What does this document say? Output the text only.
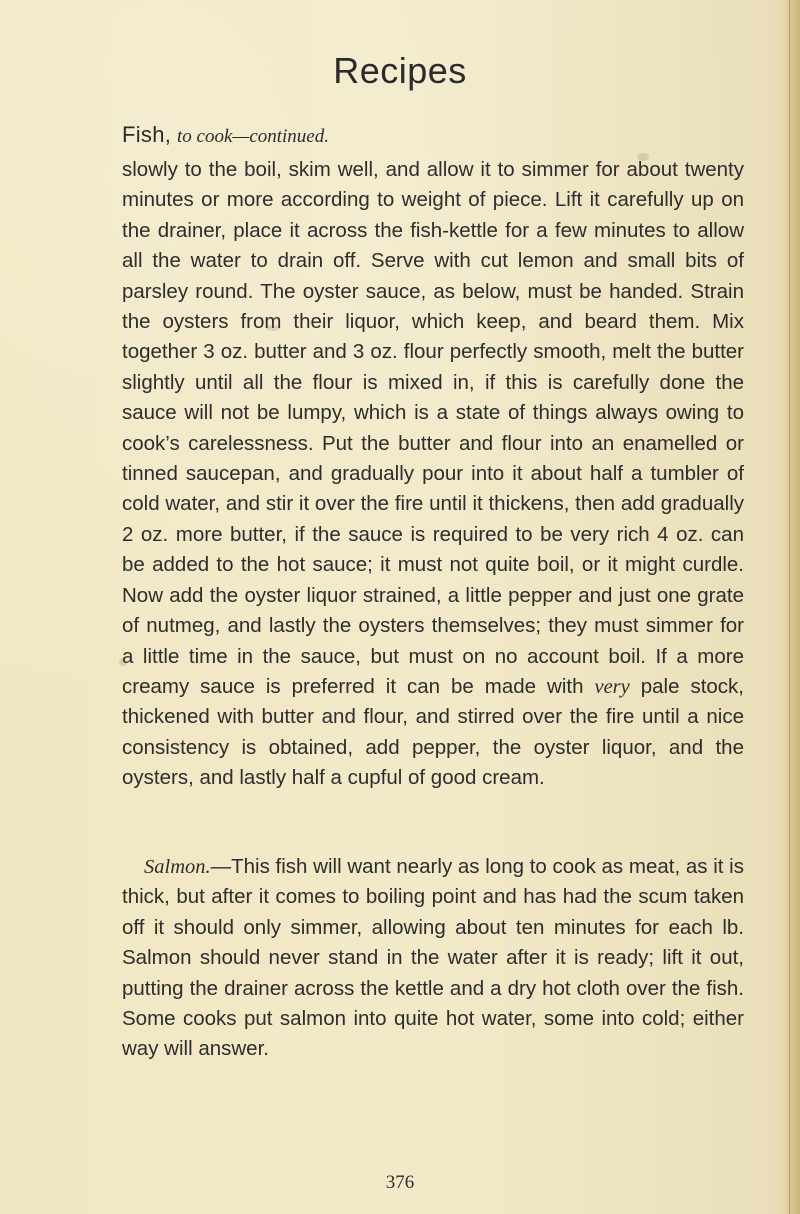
Recipes
Fish, to cook—continued.
slowly to the boil, skim well, and allow it to simmer for about twenty minutes or more according to weight of piece. Lift it carefully up on the drainer, place it across the fish-kettle for a few minutes to allow all the water to drain off. Serve with cut lemon and small bits of parsley round. The oyster sauce, as below, must be handed. Strain the oysters from their liquor, which keep, and beard them. Mix together 3 oz. butter and 3 oz. flour perfectly smooth, melt the butter slightly until all the flour is mixed in, if this is carefully done the sauce will not be lumpy, which is a state of things always owing to cook’s carelessness. Put the butter and flour into an enamelled or tinned saucepan, and gradually pour into it about half a tumbler of cold water, and stir it over the fire until it thickens, then add gradually 2 oz. more butter, if the sauce is required to be very rich 4 oz. can be added to the hot sauce; it must not quite boil, or it might curdle. Now add the oyster liquor strained, a little pepper and just one grate of nutmeg, and lastly the oysters themselves; they must simmer for a little time in the sauce, but must on no account boil. If a more creamy sauce is preferred it can be made with very pale stock, thickened with butter and flour, and stirred over the fire until a nice consistency is obtained, add pepper, the oyster liquor, and the oysters, and lastly half a cupful of good cream.
Salmon.—This fish will want nearly as long to cook as meat, as it is thick, but after it comes to boiling point and has had the scum taken off it should only simmer, allowing about ten minutes for each lb. Salmon should never stand in the water after it is ready; lift it out, putting the drainer across the kettle and a dry hot cloth over the fish. Some cooks put salmon into quite hot water, some into cold; either way will answer.
376
